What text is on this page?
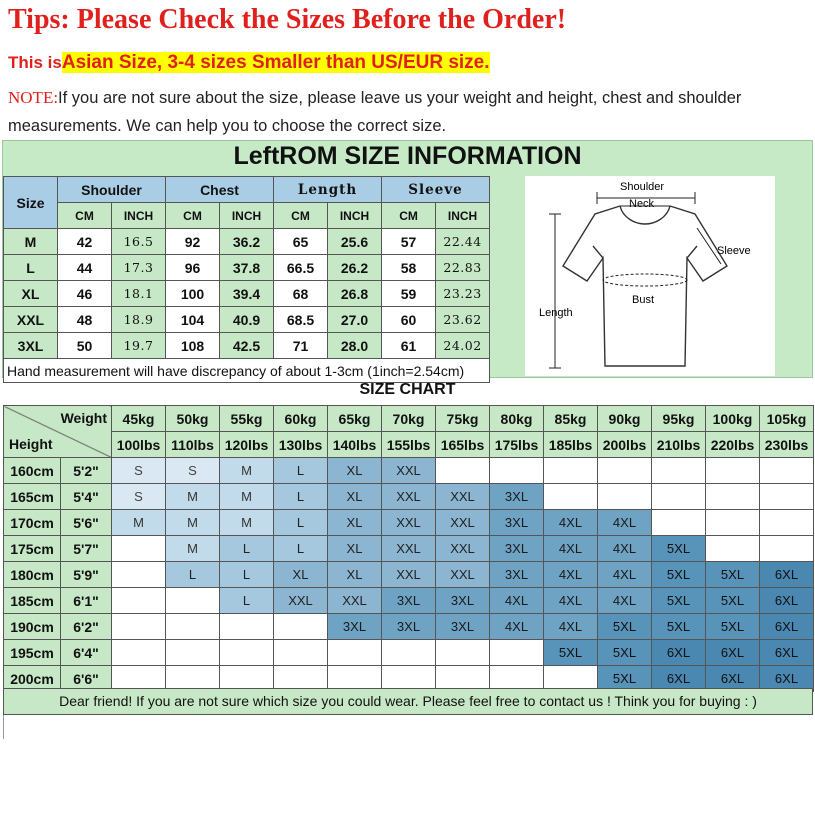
Tips: Please Check the Sizes Before the Order!
This isAsian Size, 3-4 sizes Smaller than US/EUR size.
NOTE:If you are not sure about the size, please leave us your weight and height, chest and shoulder measurements. We can help you to choose the correct size.
LeftROM SIZE INFORMATION
Size	Shoulder		Chest		Length		Sleeve	
	CM	INCH	CM	INCH	CM	INCH	CM	INCH
M	42	16.5	92	36.2	65	25.6	57	22.44
L	44	17.3	96	37.8	66.5	26.2	58	22.83
XL	46	18.1	100	39.4	68	26.8	59	23.23
XXL	48	18.9	104	40.9	68.5	27.0	60	23.62
3XL	50	19.7	108	42.5	71	28.0	61	24.02
Hand measurement will have discrepancy of about 1-3cm (1inch=2.54cm)								
Shoulder
Neck
Sleeve
Bust
Length
SIZE CHART
Weight
Height		45kg	50kg	55kg	60kg	65kg	70kg	75kg	80kg	85kg	90kg	95kg	100kg	105kg
		100lbs	110lbs	120lbs	130lbs	140lbs	155lbs	165lbs	175lbs	185lbs	200lbs	210lbs	220lbs	230lbs
160cm	5'2"	S	S	M	L	XL	XXL							
165cm	5'4"	S	M	M	L	XL	XXL	XXL	3XL					
170cm	5'6"	M	M	M	L	XL	XXL	XXL	3XL	4XL	4XL			
175cm	5'7"		M	L	L	XL	XXL	XXL	3XL	4XL	4XL	5XL		
180cm	5'9"		L	L	XL	XL	XXL	XXL	3XL	4XL	4XL	5XL	5XL	6XL
185cm	6'1"			L	XXL	XXL	3XL	3XL	4XL	4XL	4XL	5XL	5XL	6XL
190cm	6'2"					3XL	3XL	3XL	4XL	4XL	5XL	5XL	5XL	6XL
195cm	6'4"									5XL	5XL	6XL	6XL	6XL
200cm	6'6"										5XL	6XL	6XL	6XL
Dear friend! If you are not sure which size you could wear. Please feel free to contact us ! Think you for buying : )
